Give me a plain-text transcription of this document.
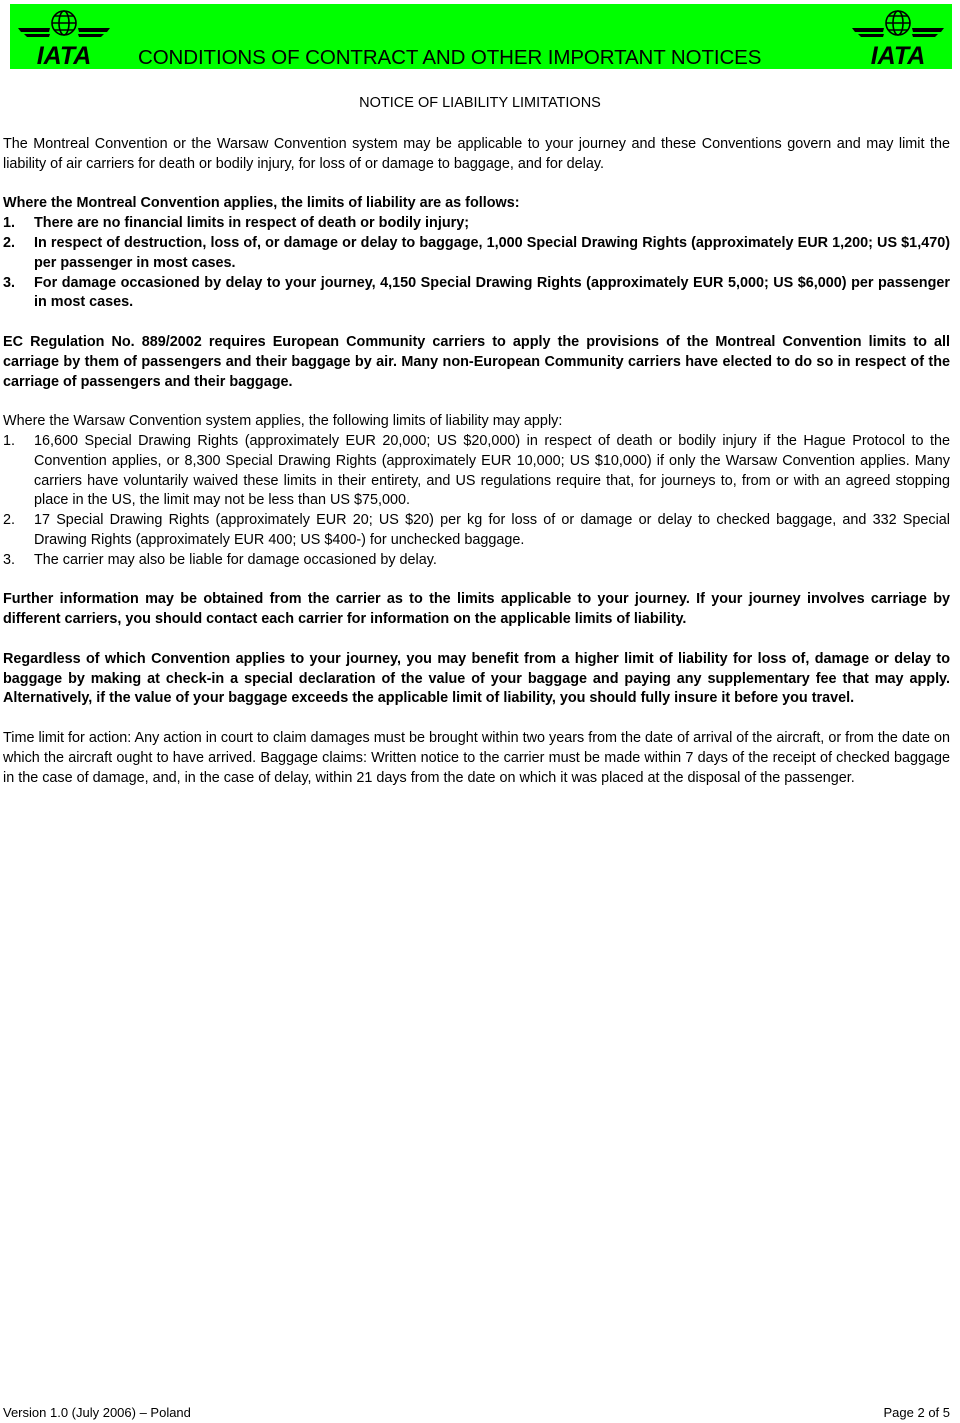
IATA CONDITIONS OF CONTRACT AND OTHER IMPORTANT NOTICES	IATA
NOTICE OF LIABILITY LIMITATIONS

The Montreal Convention or the Warsaw Convention system may be applicable to your journey and these Conventions govern and may limit the liability of air carriers for death or bodily injury, for loss of or damage to baggage, and for delay.

Where the Montreal Convention applies, the limits of liability are as follows:

1. There are no financial limits in respect of death or bodily injury;
2. In respect of destruction, loss of, or damage or delay to baggage, 1,000 Special Drawing Rights (approximately EUR 1,200; US $1,470) per passenger in most cases.
3. For damage occasioned by delay to your journey, 4,150 Special Drawing Rights (approximately EUR 5,000; US $6,000) per passenger in most cases.

EC Regulation No. 889/2002 requires European Community carriers to apply the provisions of the Montreal Convention limits to all carriage by them of passengers and their baggage by air. Many non-European Community carriers have elected to do so in respect of the carriage of passengers and their baggage.

Where the Warsaw Convention system applies, the following limits of liability may apply:

1. 16,600 Special Drawing Rights (approximately EUR 20,000; US $20,000) in respect of death or bodily injury if the Hague Protocol to the Convention applies, or 8,300 Special Drawing Rights (approximately EUR 10,000; US $10,000) if only the Warsaw Convention applies. Many carriers have voluntarily waived these limits in their entirety, and US regulations require that, for journeys to, from or with an agreed stopping place in the US, the limit may not be less than US $75,000.
2. 17 Special Drawing Rights (approximately EUR 20; US $20) per kg for loss of or damage or delay to checked baggage, and 332 Special Drawing Rights (approximately EUR 400; US $400-) for unchecked baggage.
3. The carrier may also be liable for damage occasioned by delay.

Further information may be obtained from the carrier as to the limits applicable to your journey. If your journey involves carriage by different carriers, you should contact each carrier for information on the applicable limits of liability.

Regardless of which Convention applies to your journey, you may benefit from a higher limit of liability for loss of, damage or delay to baggage by making at check-in a special declaration of the value of your baggage and paying any supplementary fee that may apply. Alternatively, if the value of your baggage exceeds the applicable limit of liability, you should fully insure it before you travel.

Time limit for action: Any action in court to claim damages must be brought within two years from the date of arrival of the aircraft, or from the date on which the aircraft ought to have arrived. Baggage claims: Written notice to the carrier must be made within 7 days of the receipt of checked baggage in the case of damage, and, in the case of delay, within 21 days from the date on which it was placed at the disposal of the passenger.

Version 1.0 (July 2006) – Poland	Page 2 of 5
